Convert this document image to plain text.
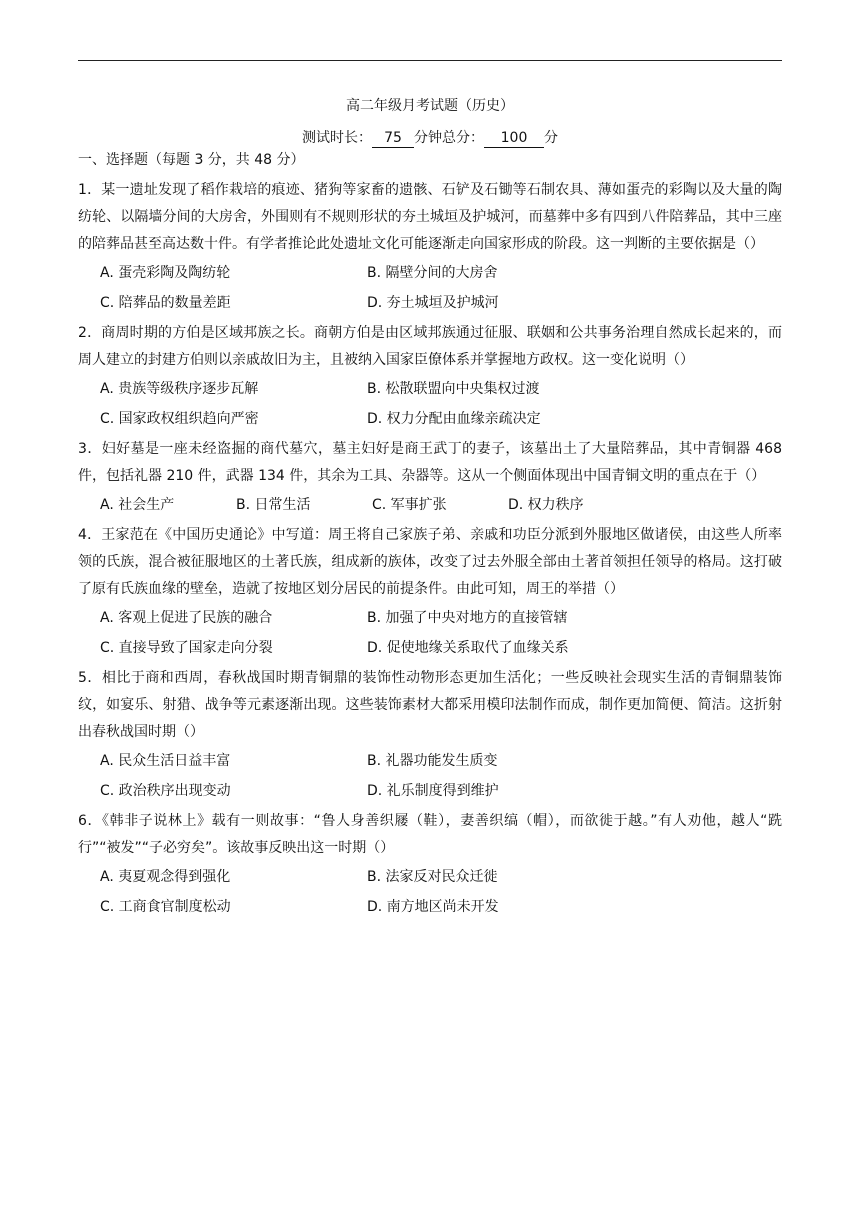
高二年级月考试题（历史）
测试时长： 75 分钟总分： 100 分
一、选择题（每题 3 分，共 48 分）

1．某一遗址发现了稻作栽培的痕迹、猪狗等家畜的遗骸、石铲及石锄等石制农具、薄如蛋壳的彩陶以及大量的陶纺轮、以隔墙分间的大房舍，外围则有不规则形状的夯土城垣及护城河，而墓葬中多有四到八件陪葬品，其中三座的陪葬品甚至高达数十件。有学者推论此处遗址文化可能逐渐走向国家形成的阶段。这一判断的主要依据是（）

A. 蛋壳彩陶及陶纺轮	B. 隔壁分间的大房舍
C. 陪葬品的数量差距	D. 夯土城垣及护城河

2．商周时期的方伯是区域邦族之长。商朝方伯是由区域邦族通过征服、联姻和公共事务治理自然成长起来的，而周人建立的封建方伯则以亲戚故旧为主，且被纳入国家臣僚体系并掌握地方政权。这一变化说明（）

A. 贵族等级秩序逐步瓦解	B. 松散联盟向中央集权过渡
C. 国家政权组织趋向严密	D. 权力分配由血缘亲疏决定

3．妇好墓是一座未经盗掘的商代墓穴，墓主妇好是商王武丁的妻子，该墓出土了大量陪葬品，其中青铜器 468 件，包括礼器 210 件，武器 134 件，其余为工具、杂器等。这从一个侧面体现出中国青铜文明的重点在于（）

A. 社会生产	B. 日常生活	C. 军事扩张	D. 权力秩序

4．王家范在《中国历史通论》中写道：周王将自己家族子弟、亲戚和功臣分派到外服地区做诸侯，由这些人所率领的氏族，混合被征服地区的土著氏族，组成新的族体，改变了过去外服全部由土著首领担任领导的格局。这打破了原有氏族血缘的壁垒，造就了按地区划分居民的前提条件。由此可知，周王的举措（）

A. 客观上促进了民族的融合	B. 加强了中央对地方的直接管辖
C. 直接导致了国家走向分裂	D. 促使地缘关系取代了血缘关系

5．相比于商和西周，春秋战国时期青铜鼎的装饰性动物形态更加生活化；一些反映社会现实生活的青铜鼎装饰纹，如宴乐、射猎、战争等元素逐渐出现。这些装饰素材大都采用模印法制作而成，制作更加简便、简洁。这折射出春秋战国时期（）

A. 民众生活日益丰富	B. 礼器功能发生质变
C. 政治秩序出现变动	D. 礼乐制度得到维护

6．《韩非子说林上》载有一则故事：“鲁人身善织屦（鞋），妻善织缟（帽），而欲徙于越。”有人劝他，越人“跣行”“被发”“子必穷矣”。该故事反映出这一时期（）

A. 夷夏观念得到强化	B. 法家反对民众迁徙
C. 工商食官制度松动	D. 南方地区尚未开发
